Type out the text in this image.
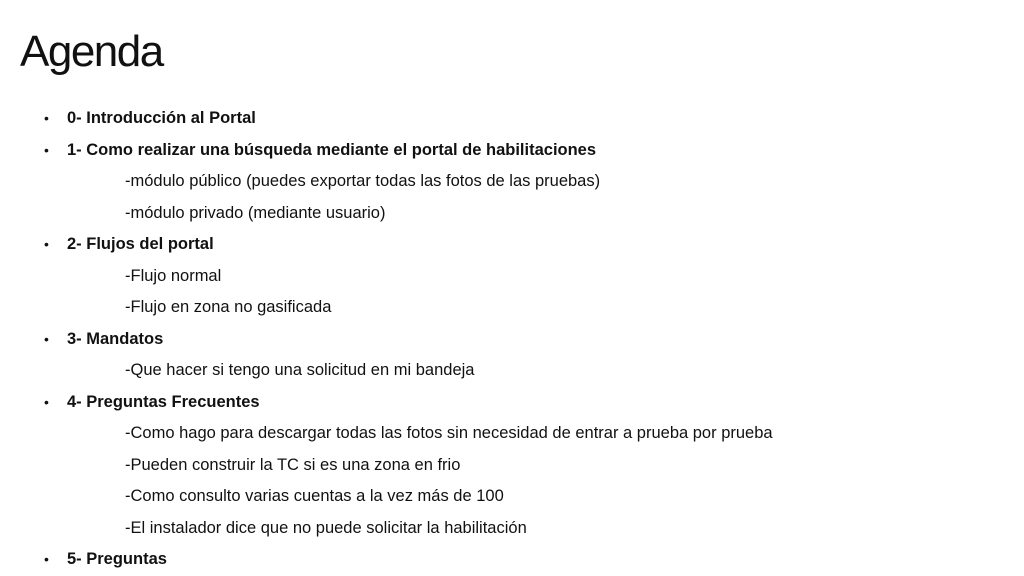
Agenda
• 0- Introducción al Portal
• 1- Como realizar una búsqueda mediante el portal de habilitaciones
-módulo público (puedes exportar todas las fotos de las pruebas)
-módulo privado (mediante usuario)
• 2- Flujos del portal
-Flujo normal
-Flujo en zona no gasificada
• 3- Mandatos
-Que hacer si tengo una solicitud en mi bandeja
• 4- Preguntas Frecuentes
-Como hago para descargar todas las fotos sin necesidad de entrar a prueba por prueba
-Pueden construir la TC si es una zona en frio
-Como consulto varias cuentas a la vez más de 100
-El instalador dice que no puede solicitar la habilitación
• 5- Preguntas
